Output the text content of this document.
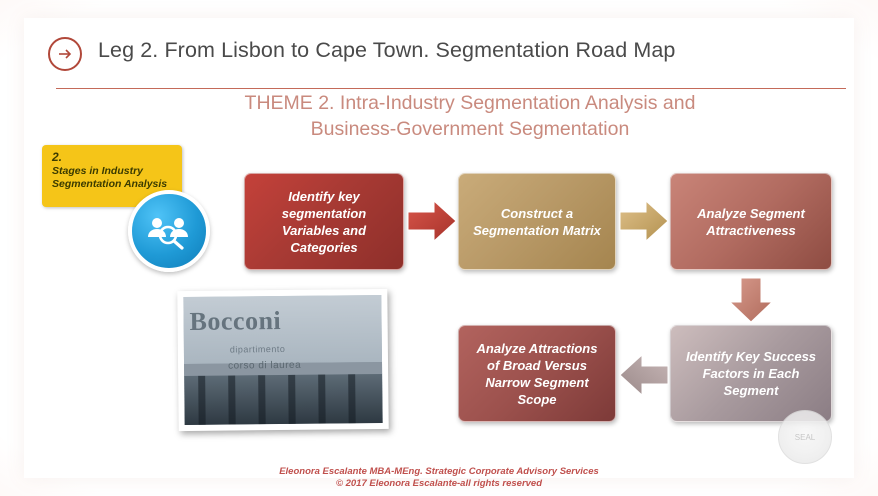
Leg 2. From Lisbon to Cape Town. Segmentation Road Map
THEME 2. Intra-Industry Segmentation Analysis and
Business-Government Segmentation
2.
Stages in Industry Segmentation Analysis
Identify key segmentation Variables and Categories
Construct a Segmentation Matrix
Analyze Segment Attractiveness
Identify Key Success Factors in Each Segment
Analyze Attractions of Broad Versus Narrow Segment Scope
Bocconi
dipartimento
corso di laurea
SEAL
Eleonora Escalante MBA-MEng. Strategic Corporate Advisory Services
© 2017 Eleonora Escalante-all rights reserved
